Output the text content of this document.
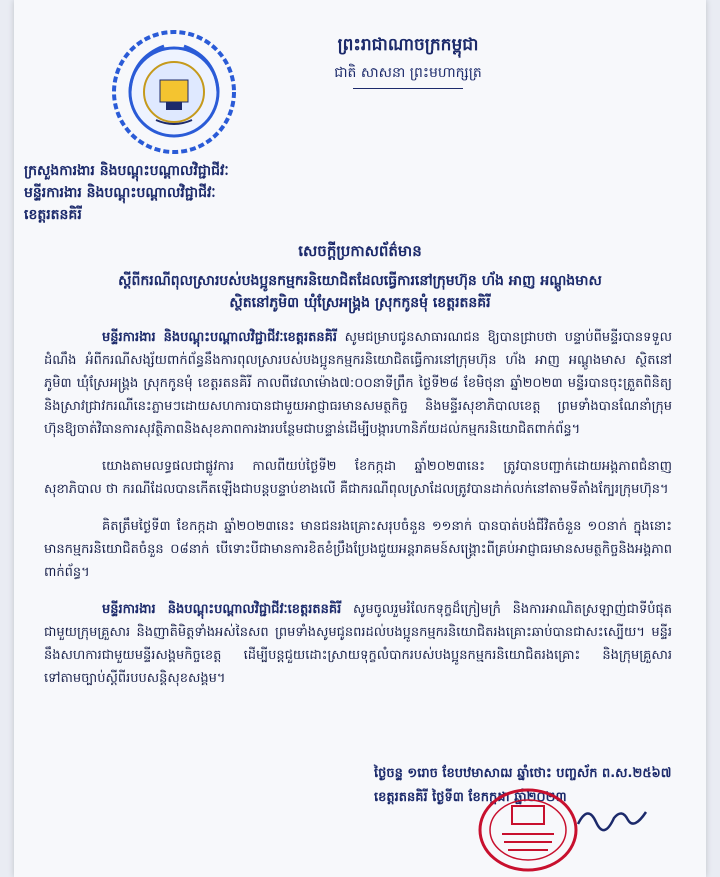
ព្រះរាជាណាចក្រកម្ពុជា
ជាតិ សាសនា ព្រះមហាក្សត្រ
ក្រសួងការងារ និងបណ្តុះបណ្តាលវិជ្ជាជីវៈ
មន្ទីរការងារ និងបណ្តុះបណ្តាលវិជ្ជាជីវៈ
ខេត្តរតនគិរី
សេចក្តីប្រកាសព័ត៌មាន
ស្តីពីករណីពុលស្រារបស់បងប្អូនកម្មករនិយោជិតដែលធ្វើការនៅក្រុមហ៊ុន ហ័ង អាញ អណ្តូងមាស
ស្ថិតនៅភូមិ៣ ឃុំស្រែអង្គ្រង ស្រុកកូនមុំ ខេត្តរតនគិរី

មន្ទីរការងារ និងបណ្តុះបណ្តាលវិជ្ជាជីវៈខេត្តរតនគិរី សូមជម្រាបជូនសាធារណជន ឱ្យបានជ្រាបថា បន្ទាប់ពីមន្ទីរបានទទួលដំណឹង អំពីករណីសង្ស័យពាក់ព័ន្ធនឹងការពុលស្រារបស់បងប្អូនកម្មករនិយោជិតធ្វើការនៅក្រុមហ៊ុន ហ័ង អាញ អណ្តូងមាស ស្ថិតនៅភូមិ៣ ឃុំស្រែអង្គ្រង ស្រុកកូនមុំ ខេត្តរតនគិរី កាលពីវេលាម៉ោង៧:០០នាទីព្រឹក ថ្ងៃទី២៨ ខែមិថុនា ឆ្នាំ២០២៣ មន្ទីរបានចុះត្រួតពិនិត្យនិងស្រាវជ្រាវករណីនេះភ្លាមៗដោយសហការបានជាមួយអាជ្ញាធរមានសមត្ថកិច្ច និងមន្ទីរសុខាភិបាលខេត្ត ព្រមទាំងបានណែនាំក្រុមហ៊ុនឱ្យចាត់វិធានការសុវត្ថិភាពនិងសុខភាពការងារបន្ថែមជាបន្ទាន់ដើម្បីបង្ការហានិភ័យដល់កម្មករនិយោជិតពាក់ព័ន្ធ។

យោងតាមលទ្ធផលជាផ្លូវការ កាលពីយប់ថ្ងៃទី២ ខែកក្កដា ឆ្នាំ២០២៣នេះ ត្រូវបានបញ្ជាក់ដោយអង្គភាពជំនាញសុខាភិបាល ថា ករណីដែលបានកើតឡើងជាបន្តបន្ទាប់ខាងលើ គឺជាករណីពុលស្រាដែលត្រូវបានដាក់លក់នៅតាមទីតាំងក្បែរក្រុមហ៊ុន។

គិតត្រឹមថ្ងៃទី៣ ខែកក្កដា ឆ្នាំ២០២៣នេះ មានជនរងគ្រោះសរុបចំនួន ១១នាក់ បានបាត់បង់ជីវិតចំនួន ១០នាក់ ក្នុងនោះមានកម្មករនិយោជិតចំនួន ០៨នាក់ បើទោះបីជាមានការខិតខំប្រឹងប្រែងជួយអន្តរាគមន៍សង្គ្រោះពីគ្រប់អាជ្ញាធរមានសមត្ថកិច្ចនិងអង្គភាពពាក់ព័ន្ធ។

មន្ទីរការងារ និងបណ្តុះបណ្តាលវិជ្ជាជីវៈខេត្តរតនគិរី សូមចូលរួមរំលែកទុក្ខដ៏ក្រៀមក្រំ និងការអាណិតស្រឡាញ់ជាទីបំផុត ជាមួយក្រុមគ្រួសារ និងញាតិមិត្តទាំងអស់នៃសព ព្រមទាំងសូមជូនពរដល់បងប្អូនកម្មករនិយោជិតរងគ្រោះឆាប់បានជាសះស្បើយ។ មន្ទីរនឹងសហការជាមួយមន្ទីរសង្គមកិច្ចខេត្ត ដើម្បីបន្តជួយដោះស្រាយទុក្ខលំបាករបស់បងប្អូនកម្មករនិយោជិតរងគ្រោះ និងក្រុមគ្រួសារទៅតាមច្បាប់ស្តីពីរបបសន្តិសុខសង្គម។

ថ្ងៃចន្ទ ១រោច ខែបឋមាសាឍ ឆ្នាំថោះ បញ្ចស័ក ព.ស.២៥៦៧
ខេត្តរតនគិរី ថ្ងៃទី៣ ខែកក្កដា ឆ្នាំ២០២៣
